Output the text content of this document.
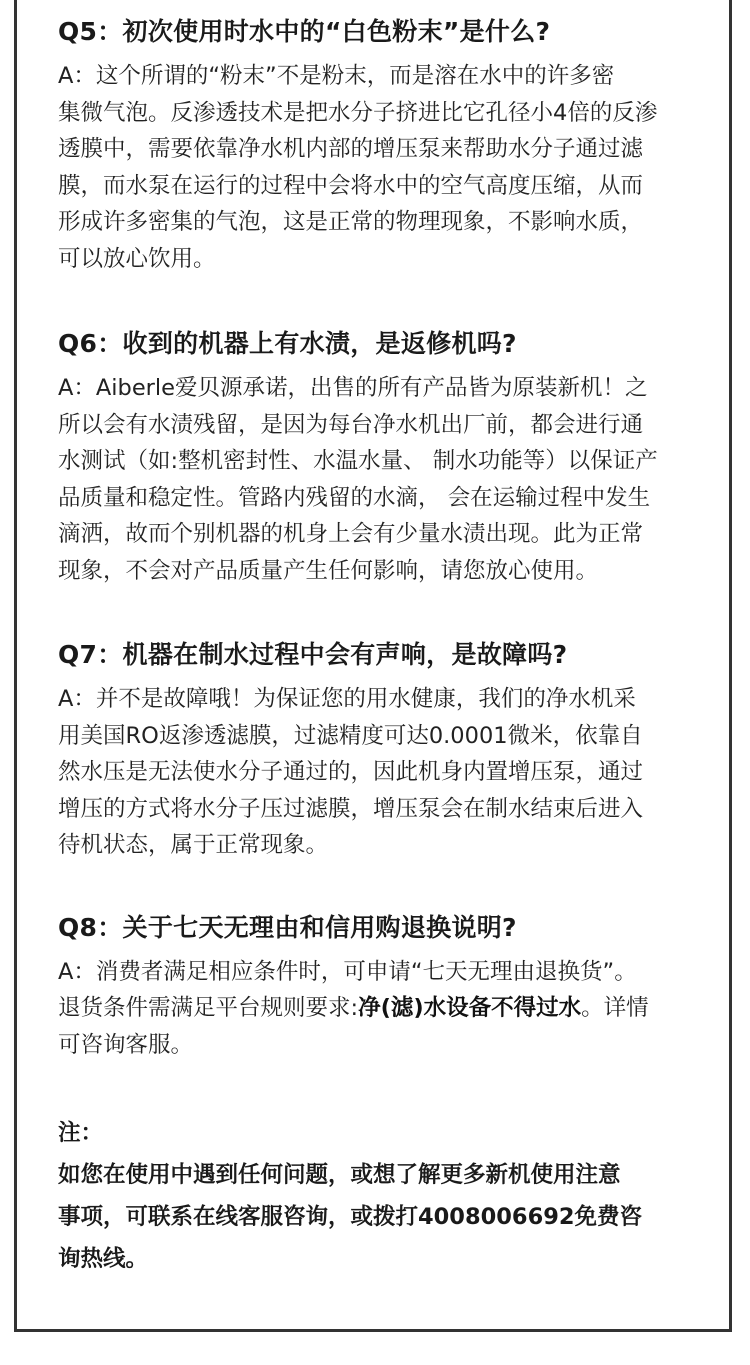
Q5：初次使用时水中的“白色粉末”是什么?

A：这个所谓的“粉末”不是粉末，而是溶在水中的许多密
集微气泡。反渗透技术是把水分子挤进比它孔径小4倍的反渗
透膜中，需要依靠净水机内部的增压泵来帮助水分子通过滤
膜，而水泵在运行的过程中会将水中的空气高度压缩，从而
形成许多密集的气泡，这是正常的物理现象，不影响水质，
可以放心饮用。

Q6：收到的机器上有水渍，是返修机吗?

A：Aiberle爱贝源承诺，出售的所有产品皆为原装新机！之
所以会有水渍残留，是因为每台净水机出厂前，都会进行通
水测试（如:整机密封性、水温水量、 制水功能等）以保证产
品质量和稳定性。管路内残留的水滴， 会在运输过程中发生
滴洒，故而个别机器的机身上会有少量水渍出现。此为正常
现象，不会对产品质量产生任何影响，请您放心使用。

Q7：机器在制水过程中会有声响，是故障吗?

A：并不是故障哦！为保证您的用水健康，我们的净水机采
用美国RO返渗透滤膜，过滤精度可达0.0001微米，依靠自
然水压是无法使水分子通过的，因此机身内置增压泵，通过
增压的方式将水分子压过滤膜，增压泵会在制水结束后进入
待机状态，属于正常现象。

Q8：关于七天无理由和信用购退换说明?

A：消费者满足相应条件时，可申请“七天无理由退换货”。
退货条件需满足平台规则要求:净(滤)水设备不得过水。详情
可咨询客服。

注：

如您在使用中遇到任何问题，或想了解更多新机使用注意
事项，可联系在线客服咨询，或拨打4008006692免费咨
询热线。
